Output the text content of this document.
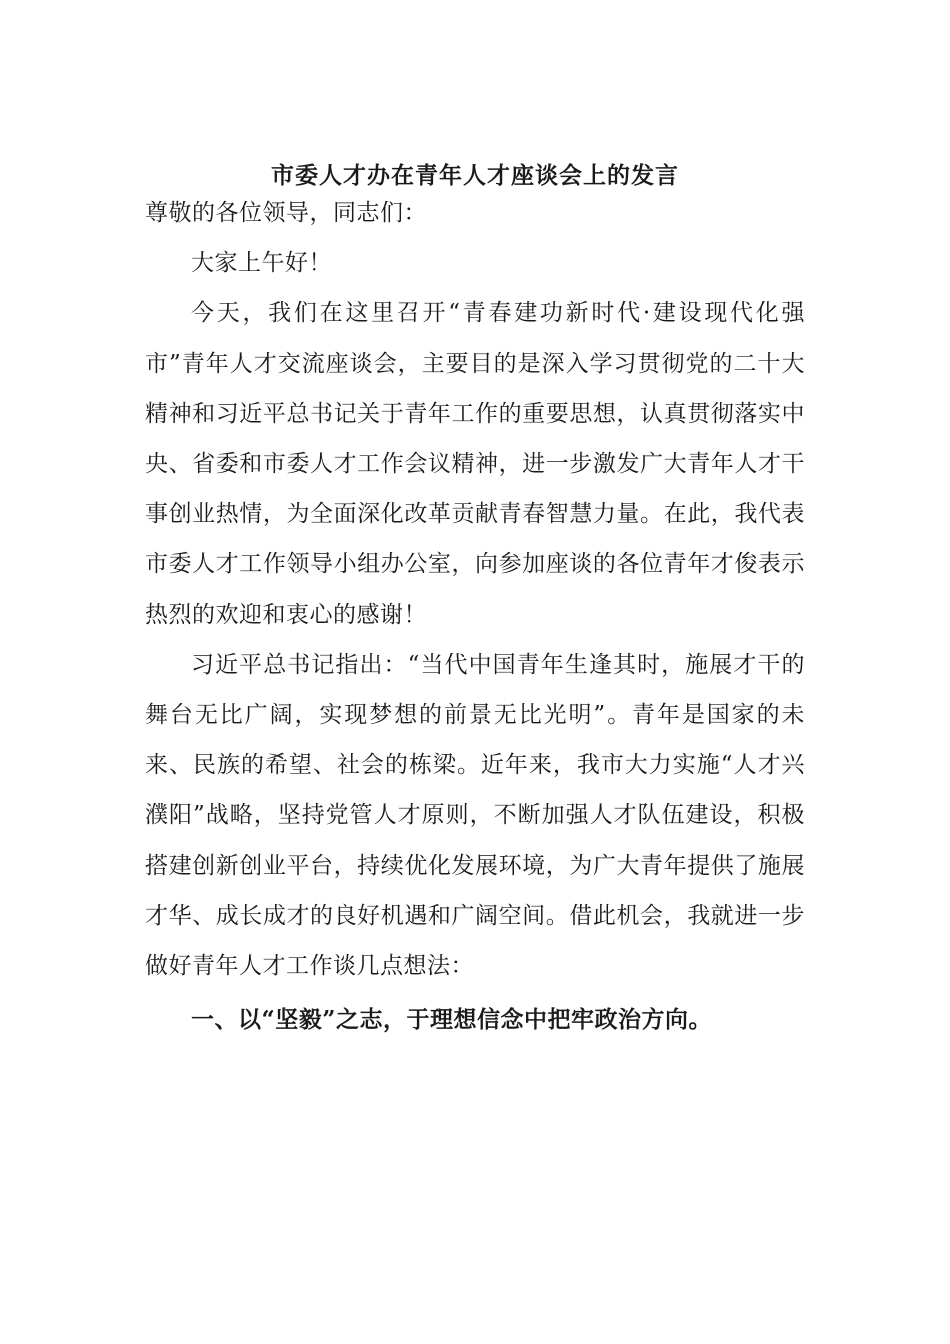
市委人才办在青年人才座谈会上的发言

尊敬的各位领导，同志们：

大家上午好！

今天，我们在这里召开“青春建功新时代·建设现代化强市”青年人才交流座谈会，主要目的是深入学习贯彻党的二十大精神和习近平总书记关于青年工作的重要思想，认真贯彻落实中央、省委和市委人才工作会议精神，进一步激发广大青年人才干事创业热情，为全面深化改革贡献青春智慧力量。在此，我代表市委人才工作领导小组办公室，向参加座谈的各位青年才俊表示热烈的欢迎和衷心的感谢！

习近平总书记指出：“当代中国青年生逢其时，施展才干的舞台无比广阔，实现梦想的前景无比光明”。青年是国家的未来、民族的希望、社会的栋梁。近年来，我市大力实施“人才兴濮阳”战略，坚持党管人才原则，不断加强人才队伍建设，积极搭建创新创业平台，持续优化发展环境，为广大青年提供了施展才华、成长成才的良好机遇和广阔空间。借此机会，我就进一步做好青年人才工作谈几点想法：

一、以“坚毅”之志，于理想信念中把牢政治方向。
